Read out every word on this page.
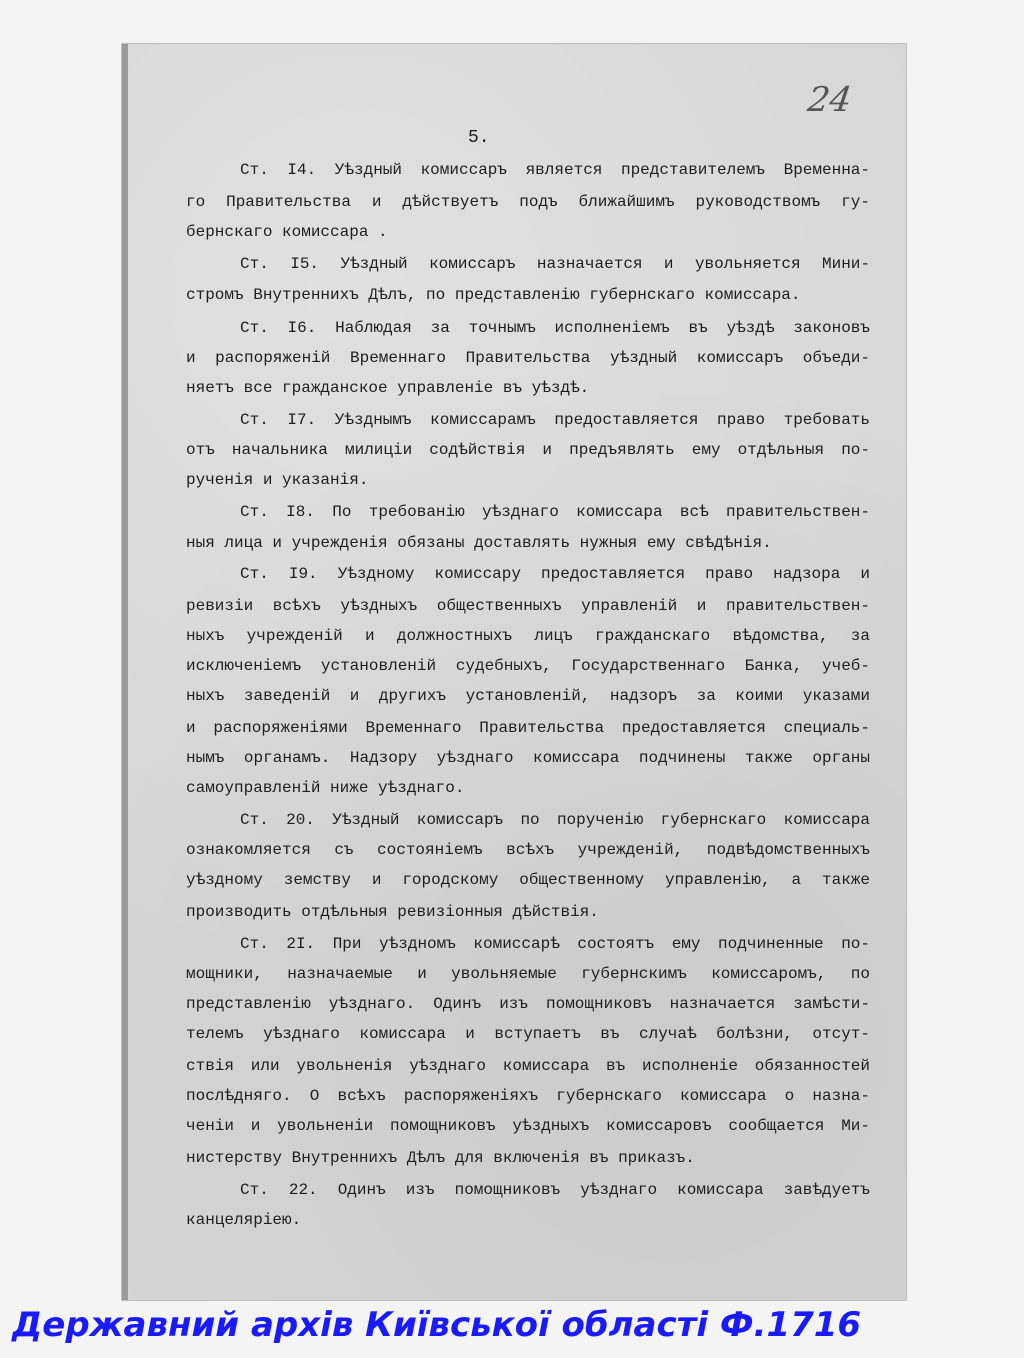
24
5.
Ст. I4. Уѣздный комиссаръ является представителемъ Временна-
го Правительства и дѣйствуетъ подъ ближайшимъ руководствомъ гу-
бернскаго комиссара .
Ст. I5. Уѣздный комиссаръ назначается и увольняется Мини-
стромъ Внутреннихъ Дѣлъ, по представленію губернскаго комиссара.
Ст. I6. Наблюдая за точнымъ исполненіемъ въ уѣздѣ законовъ
и распоряженій Временнаго Правительства уѣздный комиссаръ объеди-
няетъ все гражданское управленіе въ уѣздѣ.
Ст. I7. Уѣзднымъ комиссарамъ предоставляется право требовать
отъ начальника милиціи содѣйствія и предъявлять ему отдѣльныя по-
рученія и указанія.
Ст. I8. По требованію уѣзднаго комиссара всѣ правительствен-
ныя лица и учрежденія обязаны доставлять нужныя ему свѣдѣнія.
Ст. I9. Уѣздному комиссару предоставляется право надзора и
ревизіи всѣхъ уѣздныхъ общественныхъ управленій и правительствен-
ныхъ учрежденій и должностныхъ лицъ гражданскаго вѣдомства, за
исключеніемъ установленій судебныхъ, Государственнаго Банка, учеб-
ныхъ заведеній и другихъ установленій, надзоръ за коими указами
и распоряженіями Временнаго Правительства предоставляется специаль-
нымъ органамъ. Надзору уѣзднаго комиссара подчинены также органы
самоуправленій ниже уѣзднаго.
Ст. 20. Уѣздный комиссаръ по порученію губернскаго комиссара
ознакомляется съ состояніемъ всѣхъ учрежденій, подвѣдомственныхъ
уѣздному земству и городскому общественному управленію, а также
производить отдѣльныя ревизіонныя дѣйствія.
Ст. 2I. При уѣздномъ комиссарѣ состоятъ ему подчиненные по-
мощники, назначаемые и увольняемые губернскимъ комиссаромъ, по
представленію уѣзднаго. Одинъ изъ помощниковъ назначается замѣсти-
телемъ уѣзднаго комиссара и вступаетъ въ случаѣ болѣзни, отсут-
ствія или увольненія уѣзднаго комиссара въ исполненіе обязанностей
послѣдняго. О всѣхъ распоряженіяхъ губернскаго комиссара о назна-
ченіи и увольненіи помощниковъ уѣздныхъ комиссаровъ сообщается Ми-
нистерству Внутреннихъ Дѣлъ для включенія въ приказъ.
Ст. 22. Одинъ изъ помощниковъ уѣзднаго комиссара завѣдуетъ
канцеляріею.
Державний архів Київської області Ф.1716
